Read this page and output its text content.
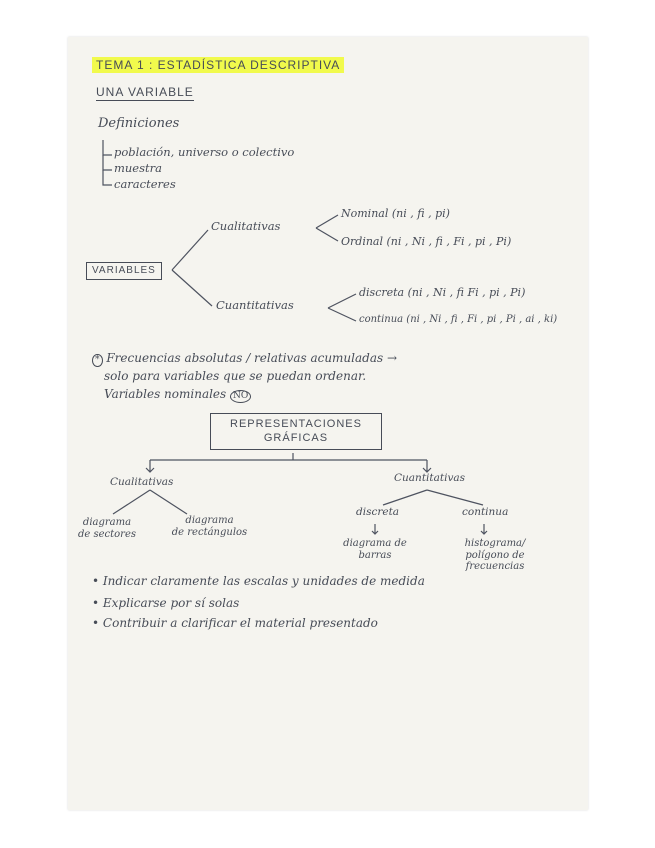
TEMA 1 : ESTADÍSTICA DESCRIPTIVA
UNA VARIABLE
Definiciones
población, universo o colectivo
muestra
caracteres
VARIABLES
Cualitativas
Nominal (ni , fi , pi)
Ordinal (ni , Ni , fi , Fi , pi , Pi)
Cuantitativas
discreta (ni , Ni , fi Fi , pi , Pi)
continua (ni , Ni , fi , Fi , pi , Pi , ai , ki)
* Frecuencias absolutas / relativas acumuladas →
solo para variables que se puedan ordenar.
Variables nominales NO
REPRESENTACIONES
GRÁFICAS
Cualitativas	Cuantitativas
diagrama
de sectores
diagrama
de rectángulos
discreta	continua
diagrama de
barras
histograma/
polígono de
frecuencias
• Indicar claramente las escalas y unidades de medida
• Explicarse por sí solas
• Contribuir a clarificar el material presentado
